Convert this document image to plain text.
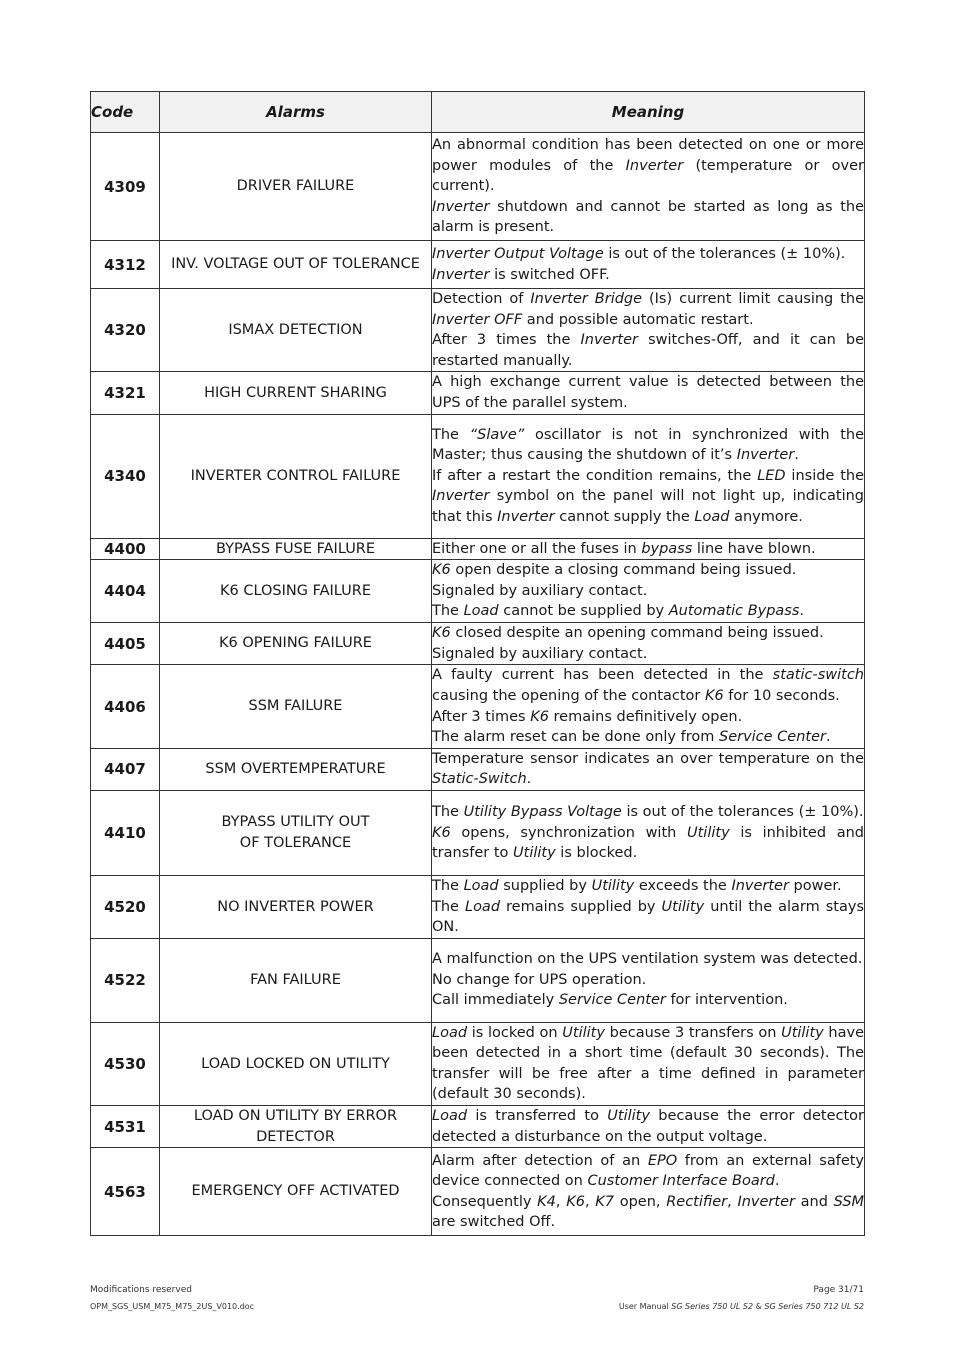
Code	Alarms	Meaning
4309	DRIVER FAILURE	An abnormal condition has been detected on one or more power modules of the Inverter (temperature or over current).
Inverter shutdown and cannot be started as long as the alarm is present.
4312	INV. VOLTAGE OUT OF TOLERANCE	Inverter Output Voltage is out of the tolerances (± 10%).
Inverter is switched OFF.
4320	ISMAX DETECTION	Detection of Inverter Bridge (Is) current limit causing the Inverter OFF and possible automatic restart.
After 3 times the Inverter switches-Off, and it can be restarted manually.
4321	HIGH CURRENT SHARING	A high exchange current value is detected between the UPS of the parallel system.
4340	INVERTER CONTROL FAILURE	The “Slave” oscillator is not in synchronized with the Master; thus causing the shutdown of it’s Inverter.
If after a restart the condition remains, the LED inside the Inverter symbol on the panel will not light up, indicating that this Inverter cannot supply the Load anymore.
4400	BYPASS FUSE FAILURE	Either one or all the fuses in bypass line have blown.
4404	K6 CLOSING FAILURE	K6 open despite a closing command being issued.
Signaled by auxiliary contact.
The Load cannot be supplied by Automatic Bypass.
4405	K6 OPENING FAILURE	K6 closed despite an opening command being issued.
Signaled by auxiliary contact.
4406	SSM FAILURE	A faulty current has been detected in the static-switch causing the opening of the contactor K6 for 10 seconds.
After 3 times K6 remains definitively open.
The alarm reset can be done only from Service Center.
4407	SSM OVERTEMPERATURE	Temperature sensor indicates an over temperature on the Static-Switch.
4410	BYPASS UTILITY OUT
OF TOLERANCE	The Utility Bypass Voltage is out of the tolerances (± 10%).
K6 opens, synchronization with Utility is inhibited and transfer to Utility is blocked.
4520	NO INVERTER POWER	The Load supplied by Utility exceeds the Inverter power.
The Load remains supplied by Utility until the alarm stays ON.
4522	FAN FAILURE	A malfunction on the UPS ventilation system was detected.
No change for UPS operation.
Call immediately Service Center for intervention.
4530	LOAD LOCKED ON UTILITY	Load is locked on Utility because 3 transfers on Utility have been detected in a short time (default 30 seconds). The transfer will be free after a time defined in parameter (default 30 seconds).
4531	LOAD ON UTILITY BY ERROR
DETECTOR	Load is transferred to Utility because the error detector detected a disturbance on the output voltage.
4563	EMERGENCY OFF ACTIVATED	Alarm after detection of an EPO from an external safety device connected on Customer Interface Board.
Consequently K4, K6, K7 open, Rectifier, Inverter and SSM are switched Off.
Modifications reserved
OPM_SGS_USM_M75_M75_2US_V010.doc
Page 31/71
User Manual SG Series 750 UL S2 & SG Series 750 712 UL S2
